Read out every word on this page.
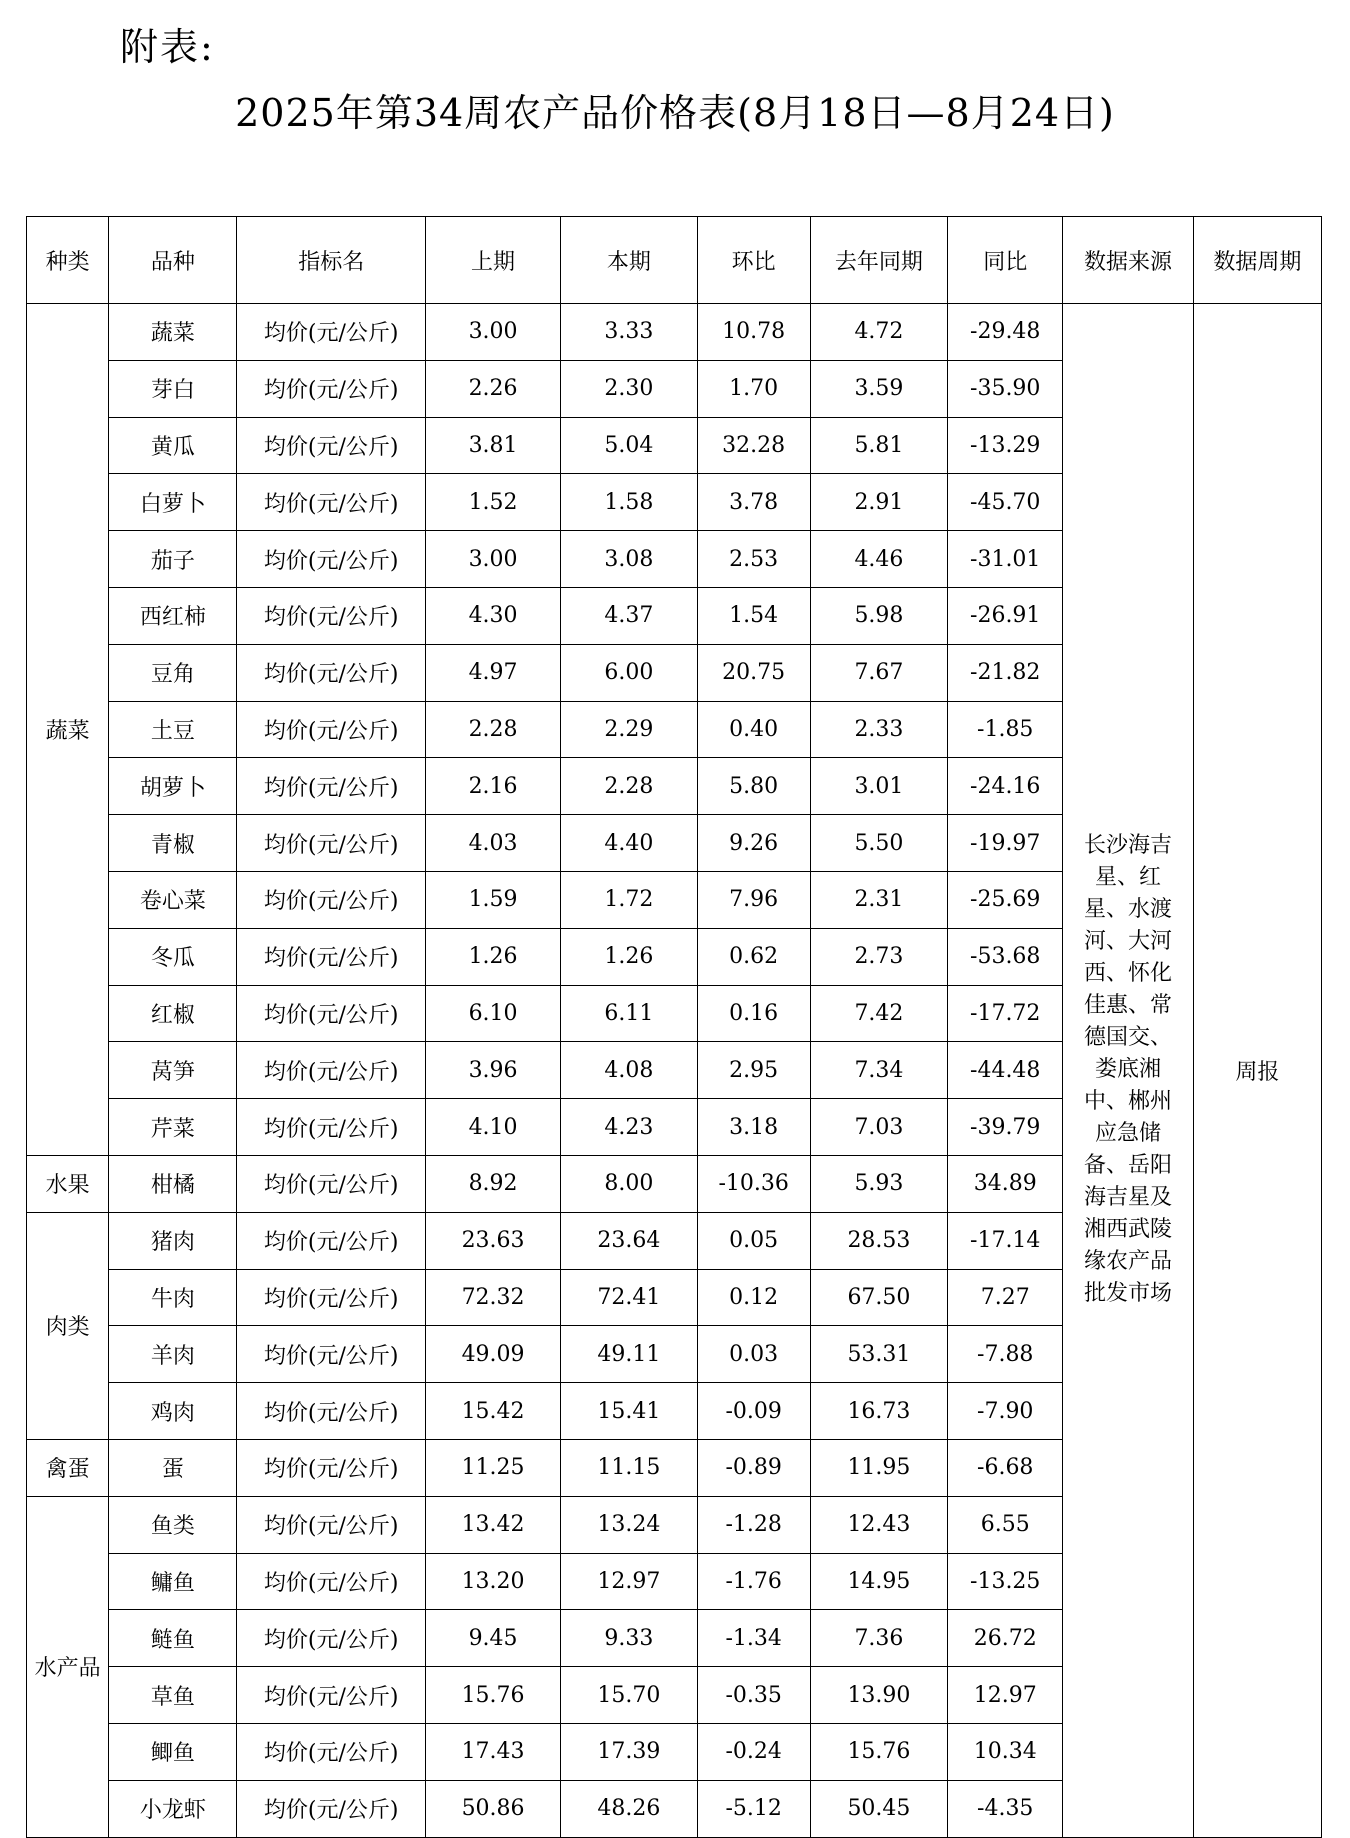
附表:
2025年第34周农产品价格表(8月18日—8月24日)
种类	品种	指标名	上期	本期	环比	去年同期	同比	数据来源	数据周期
蔬菜	蔬菜	均价(元/公斤)	3.00	3.33	10.78	4.72	-29.48	长沙海吉星、红星、水渡河、大河西、怀化佳惠、常德国交、娄底湘中、郴州应急储备、岳阳海吉星及湘西武陵缘农产品批发市场	周报
	芽白	均价(元/公斤)	2.26	2.30	1.70	3.59	-35.90		
	黄瓜	均价(元/公斤)	3.81	5.04	32.28	5.81	-13.29		
	白萝卜	均价(元/公斤)	1.52	1.58	3.78	2.91	-45.70		
	茄子	均价(元/公斤)	3.00	3.08	2.53	4.46	-31.01		
	西红柿	均价(元/公斤)	4.30	4.37	1.54	5.98	-26.91		
	豆角	均价(元/公斤)	4.97	6.00	20.75	7.67	-21.82		
	土豆	均价(元/公斤)	2.28	2.29	0.40	2.33	-1.85		
	胡萝卜	均价(元/公斤)	2.16	2.28	5.80	3.01	-24.16		
	青椒	均价(元/公斤)	4.03	4.40	9.26	5.50	-19.97		
	卷心菜	均价(元/公斤)	1.59	1.72	7.96	2.31	-25.69		
	冬瓜	均价(元/公斤)	1.26	1.26	0.62	2.73	-53.68		
	红椒	均价(元/公斤)	6.10	6.11	0.16	7.42	-17.72		
	莴笋	均价(元/公斤)	3.96	4.08	2.95	7.34	-44.48		
	芹菜	均价(元/公斤)	4.10	4.23	3.18	7.03	-39.79		
水果	柑橘	均价(元/公斤)	8.92	8.00	-10.36	5.93	34.89		
肉类	猪肉	均价(元/公斤)	23.63	23.64	0.05	28.53	-17.14		
	牛肉	均价(元/公斤)	72.32	72.41	0.12	67.50	7.27		
	羊肉	均价(元/公斤)	49.09	49.11	0.03	53.31	-7.88		
	鸡肉	均价(元/公斤)	15.42	15.41	-0.09	16.73	-7.90		
禽蛋	蛋	均价(元/公斤)	11.25	11.15	-0.89	11.95	-6.68		
水产品	鱼类	均价(元/公斤)	13.42	13.24	-1.28	12.43	6.55		
	鳙鱼	均价(元/公斤)	13.20	12.97	-1.76	14.95	-13.25		
	鲢鱼	均价(元/公斤)	9.45	9.33	-1.34	7.36	26.72		
	草鱼	均价(元/公斤)	15.76	15.70	-0.35	13.90	12.97		
	鲫鱼	均价(元/公斤)	17.43	17.39	-0.24	15.76	10.34		
	小龙虾	均价(元/公斤)	50.86	48.26	-5.12	50.45	-4.35		
